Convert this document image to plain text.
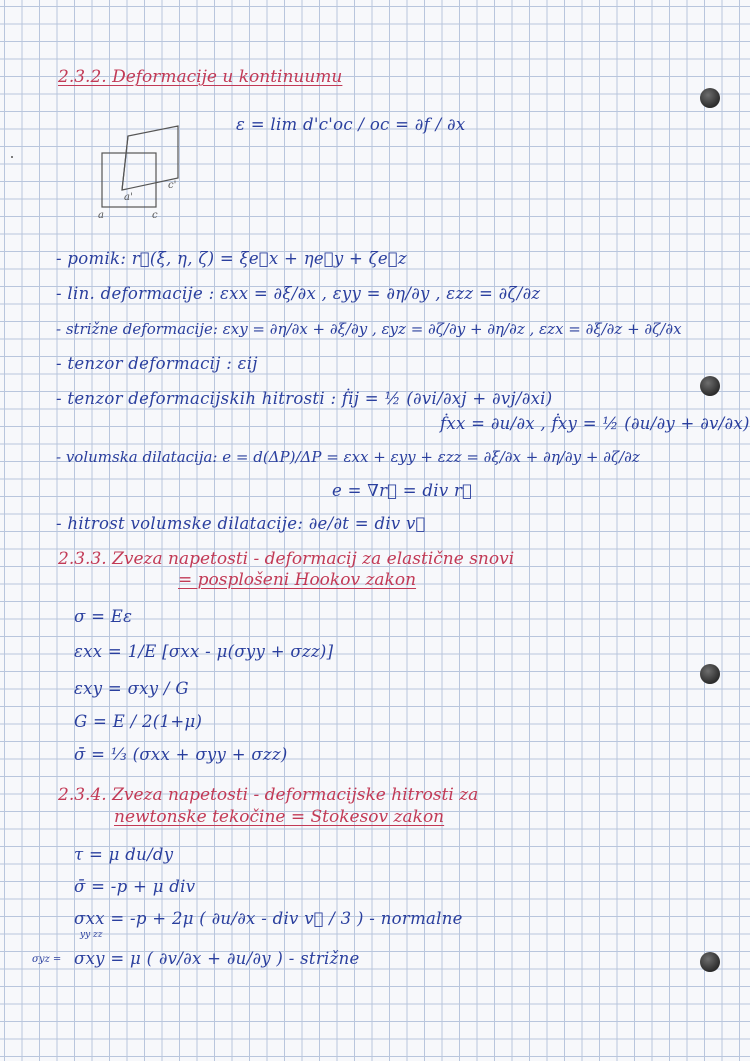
2.3.2. Deformacije u kontinuumu
ε = lim d'c'oc / oc = ∂f / ∂x
a	c
a'
c'
- pomik: r⃗(ξ, η, ζ) = ξe⃗x + ηe⃗y + ζe⃗z
- lin. deformacije : εxx = ∂ξ/∂x , εyy = ∂η/∂y , εzz = ∂ζ/∂z
- strižne deformacije: εxy = ∂η/∂x + ∂ξ/∂y , εyz = ∂ζ/∂y + ∂η/∂z , εzx = ∂ξ/∂z + ∂ζ/∂x
- tenzor deformacij : εij
- tenzor deformacijskih hitrosti : ḟij = ½ (∂vi/∂xj + ∂vj/∂xi)
ḟxx = ∂u/∂x , ḟxy = ½ (∂u/∂y + ∂v/∂x)
- volumska dilatacija: e = d(ΔP)/ΔP = εxx + εyy + εzz = ∂ξ/∂x + ∂η/∂y + ∂ζ/∂z
e = ∇r⃗ = div r⃗
- hitrost volumske dilatacije: ∂e/∂t = div v⃗
2.3.3. Zveza napetosti - deformacij za elastične snovi
= posplošeni Hookov zakon
σ = Eε
εxx = 1/E [σxx - μ(σyy + σzz)]
εxy = σxy / G
G = E / 2(1+μ)
σ̄ = ⅓ (σxx + σyy + σzz)
2.3.4. Zveza napetosti - deformacijske hitrosti za
newtonske tekočine = Stokesov zakon
τ = μ du/dy
σ̄ = -p + μ div
σxx = -p + 2μ ( ∂u/∂x - div v⃗ / 3 ) - normalne
yy zz
σyz = σxy = μ ( ∂v/∂x + ∂u/∂y ) - strižne
